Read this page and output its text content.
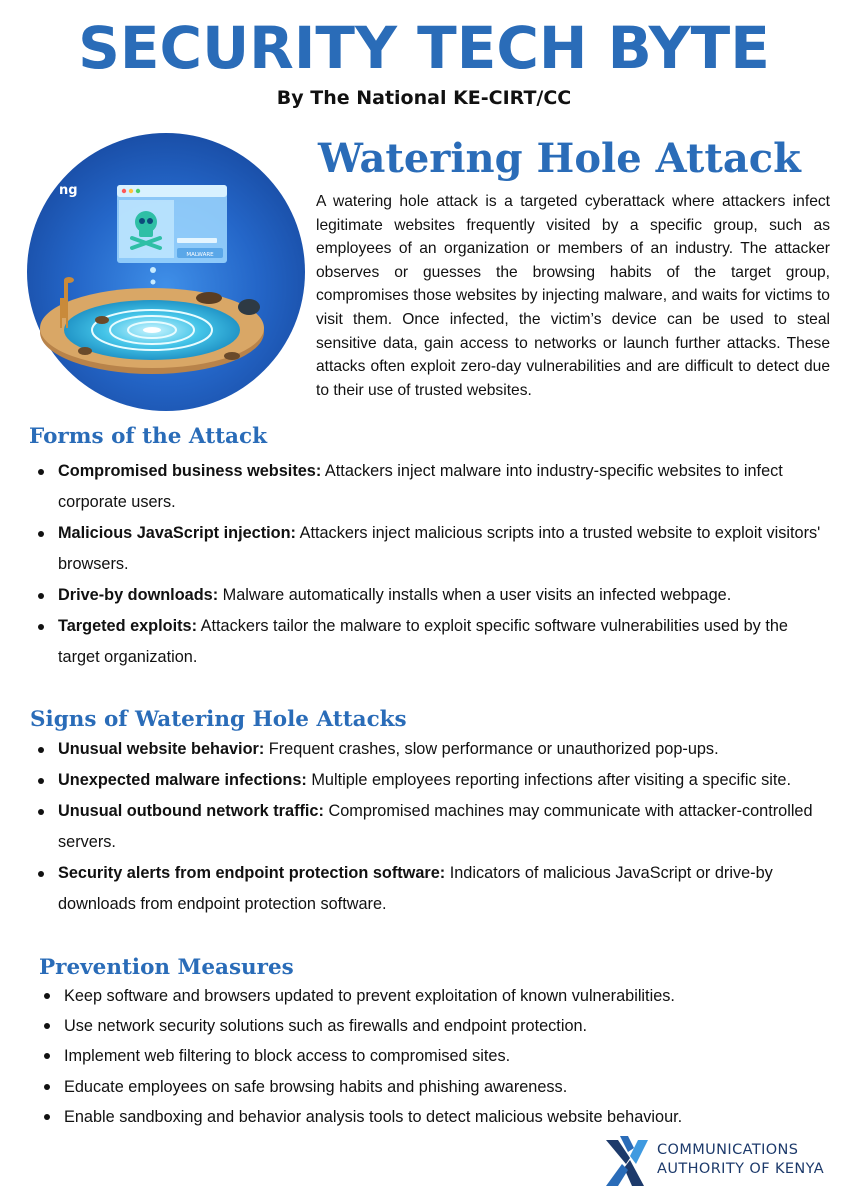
SECURITY TECH BYTE
By The National KE-CIRT/CC
ng
MALWARE
Watering Hole Attack

A watering hole attack is a targeted cyberattack where attackers infect legitimate websites frequently visited by a specific group, such as employees of an organization or members of an industry. The attacker observes or guesses the browsing habits of the target group, compromises those websites by injecting malware, and waits for victims to visit them. Once infected, the victim’s device can be used to steal sensitive data, gain access to networks or launch further attacks. These attacks often exploit zero-day vulnerabilities and are difficult to detect due to their use of trusted websites.

Forms of the Attack
Compromised business websites: Attackers inject malware into industry-specific websites to infect corporate users.
Malicious JavaScript injection: Attackers inject malicious scripts into a trusted website to exploit visitors' browsers.
Drive-by downloads: Malware automatically installs when a user visits an infected webpage.
Targeted exploits: Attackers tailor the malware to exploit specific software vulnerabilities used by the target organization.
Signs of Watering Hole Attacks
Unusual website behavior: Frequent crashes, slow performance or unauthorized pop-ups.
Unexpected malware infections: Multiple employees reporting infections after visiting a specific site.
Unusual outbound network traffic: Compromised machines may communicate with attacker-controlled servers.
Security alerts from endpoint protection software: Indicators of malicious JavaScript or drive-by downloads from endpoint protection software.
Prevention Measures
Keep software and browsers updated to prevent exploitation of known vulnerabilities.
Use network security solutions such as firewalls and endpoint protection.
Implement web filtering to block access to compromised sites.
Educate employees on safe browsing habits and phishing awareness.
Enable sandboxing and behavior analysis tools to detect malicious website behaviour.
COMMUNICATIONS
AUTHORITY OF KENYA
